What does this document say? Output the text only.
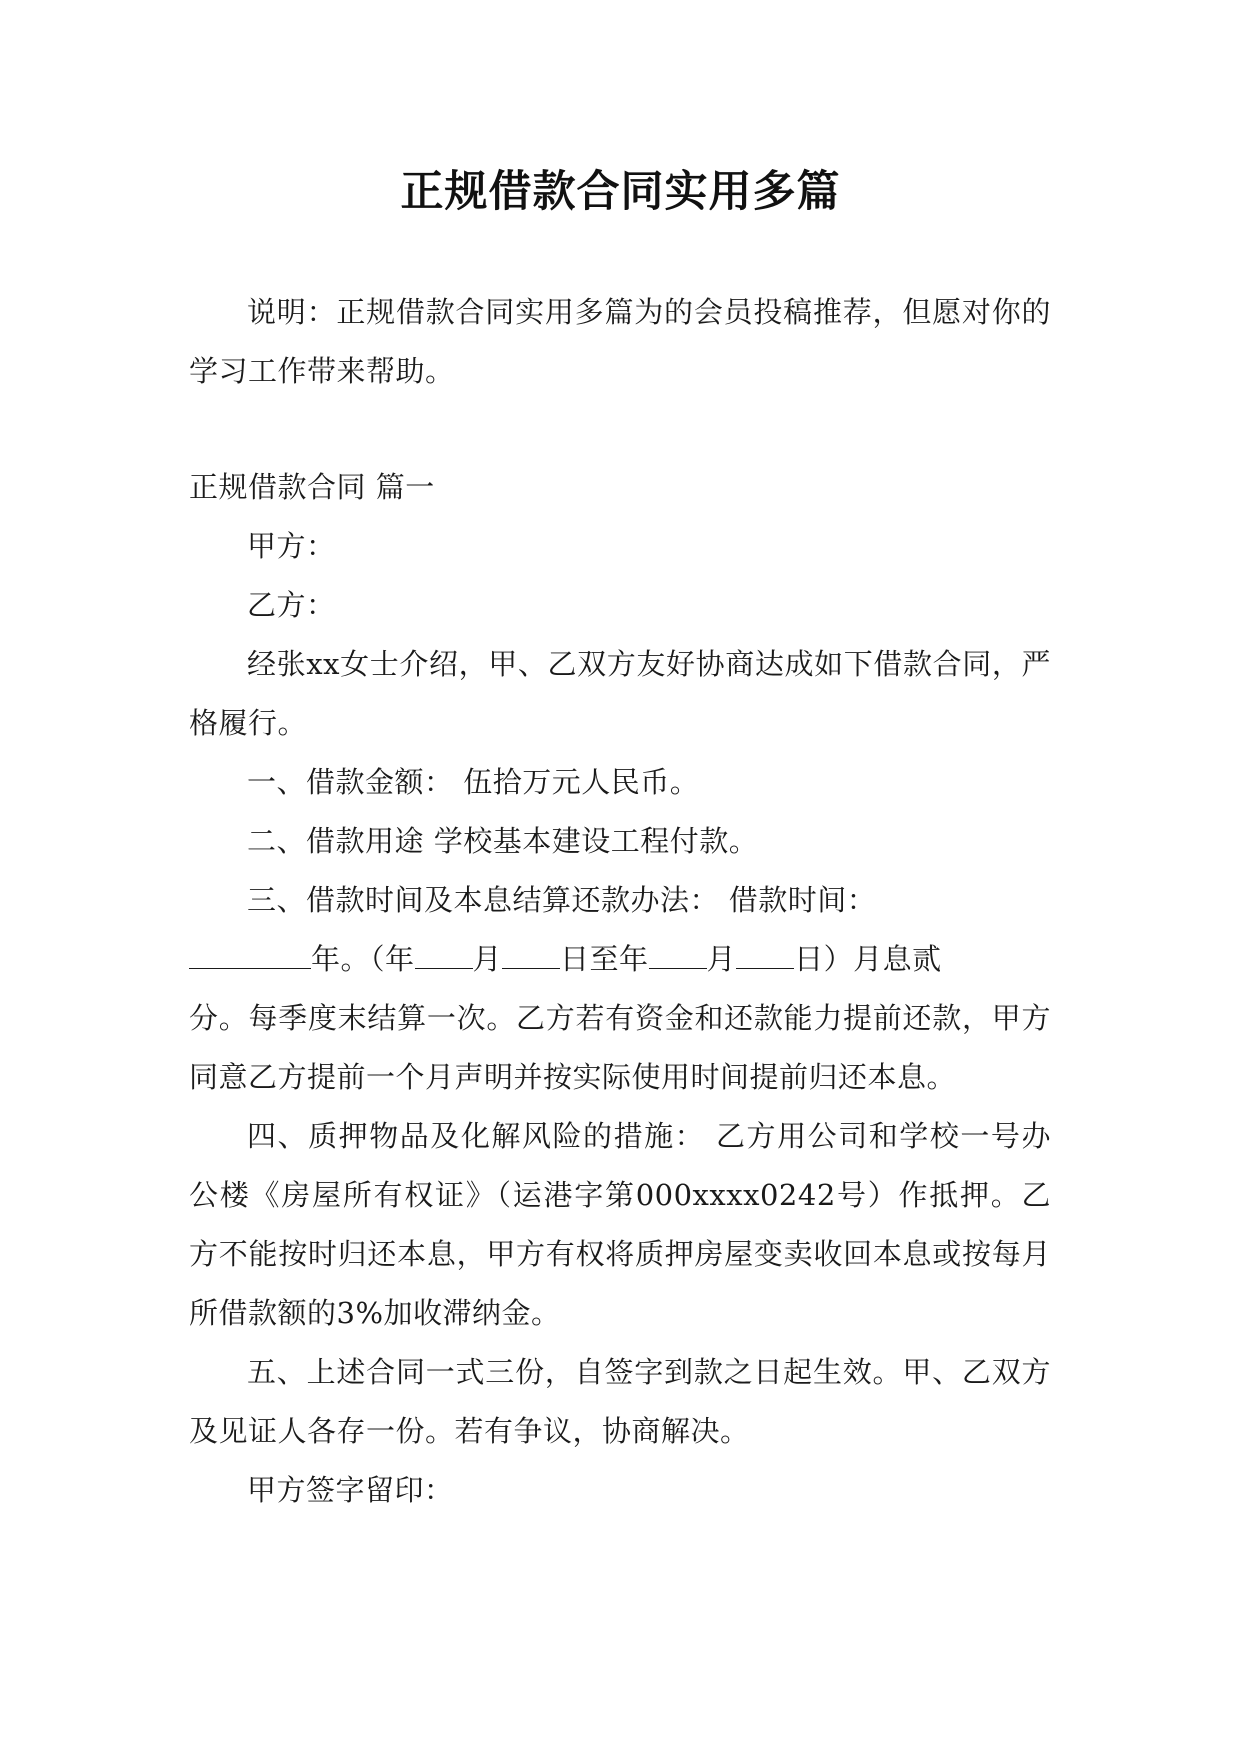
正规借款合同实用多篇

说明：正规借款合同实用多篇为的会员投稿推荐，但愿对你的学习工作带来帮助。

正规借款合同 篇一

甲方：

乙方：

经张xx女士介绍，甲、乙双方友好协商达成如下借款合同，严格履行。

一、借款金额： 伍拾万元人民币。

二、借款用途 学校基本建设工程付款。

三、借款时间及本息结算还款办法： 借款时间：

年。（年 月 日至年 月 日）月息贰

分。每季度末结算一次。乙方若有资金和还款能力提前还款，甲方同意乙方提前一个月声明并按实际使用时间提前归还本息。

四、质押物品及化解风险的措施： 乙方用公司和学校一号办公楼《房屋所有权证》（运港字第000xxxx0242号）作抵押。乙方不能按时归还本息，甲方有权将质押房屋变卖收回本息或按每月所借款额的3%加收滞纳金。

五、上述合同一式三份，自签字到款之日起生效。甲、乙双方及见证人各存一份。若有争议，协商解决。

甲方签字留印：
